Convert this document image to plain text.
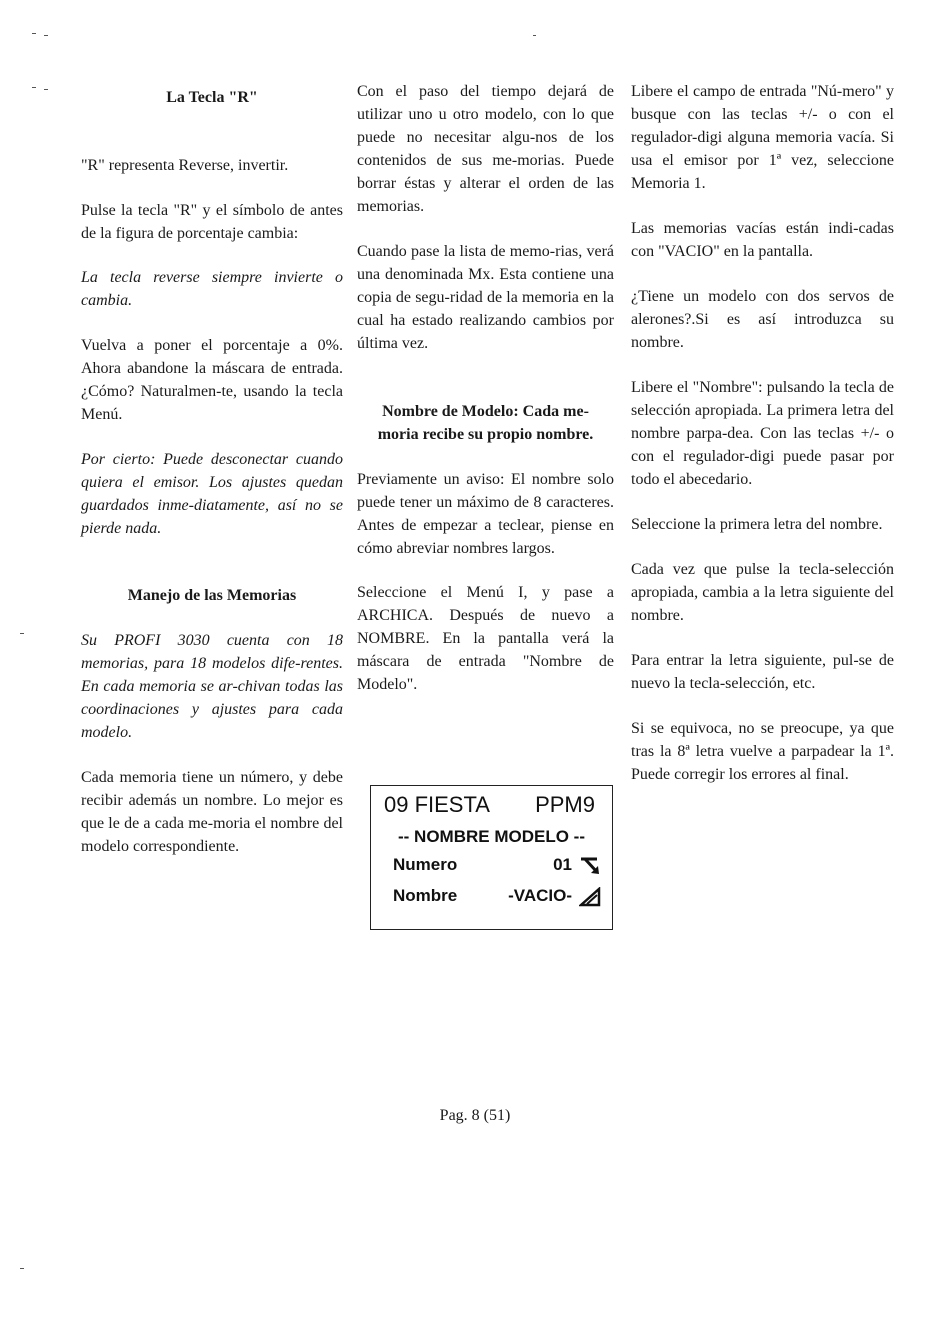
La Tecla "R"

"R" representa Reverse, invertir.

Pulse la tecla "R" y el símbolo de antes de la figura de porcentaje cambia:

La tecla reverse siempre invierte o cambia.

Vuelva a poner el porcentaje a 0%. Ahora abandone la máscara de entrada. ¿Cómo? Naturalmen-te, usando la tecla Menú.

Por cierto: Puede desconectar cuando quiera el emisor. Los ajustes quedan guardados inme-diatamente, así no se pierde nada.

Manejo de las Memorias

Su PROFI 3030 cuenta con 18 memorias, para 18 modelos dife-rentes. En cada memoria se ar-chivan todas las coordinaciones y ajustes para cada modelo.

Cada memoria tiene un número, y debe recibir además un nombre. Lo mejor es que le de a cada me-moria el nombre del modelo correspondiente.

Con el paso del tiempo dejará de utilizar uno u otro modelo, con lo que puede no necesitar algu-nos de los contenidos de sus me-morias. Puede borrar éstas y alterar el orden de las memorias.

Cuando pase la lista de memo-rias, verá una denominada Mx. Esta contiene una copia de segu-ridad de la memoria en la cual ha estado realizando cambios por última vez.

Nombre de Modelo: Cada me-moria recibe su propio nombre.

Previamente un aviso: El nombre solo puede tener un máximo de 8 caracteres. Antes de empezar a teclear, piense en cómo abreviar nombres largos.

Seleccione el Menú I, y pase a ARCHICA. Después de nuevo a NOMBRE. En la pantalla verá la máscara de entrada "Nombre de Modelo".

09 FIESTA PPM9
-- NOMBRE MODELO --
Numero	01
Nombre	-VACIO-

Libere el campo de entrada "Nú-mero" y busque con las teclas +/- o con el regulador-digi alguna memoria vacía. Si usa el emisor por 1ª vez, seleccione Memoria 1.

Las memorias vacías están indi-cadas con "VACIO" en la pantalla.

¿Tiene un modelo con dos servos de alerones?.Si es así introduzca su nombre.

Libere el "Nombre": pulsando la tecla de selección apropiada. La primera letra del nombre parpa-dea. Con las teclas +/- o con el regulador-digi puede pasar por todo el abecedario.

Seleccione la primera letra del nombre.

Cada vez que pulse la tecla-selección apropiada, cambia a la letra siguiente del nombre.

Para entrar la letra siguiente, pul-se de nuevo la tecla-selección, etc.

Si se equivoca, no se preocupe, ya que tras la 8ª letra vuelve a parpadear la 1ª. Puede corregir los errores al final.

Pag. 8 (51)
